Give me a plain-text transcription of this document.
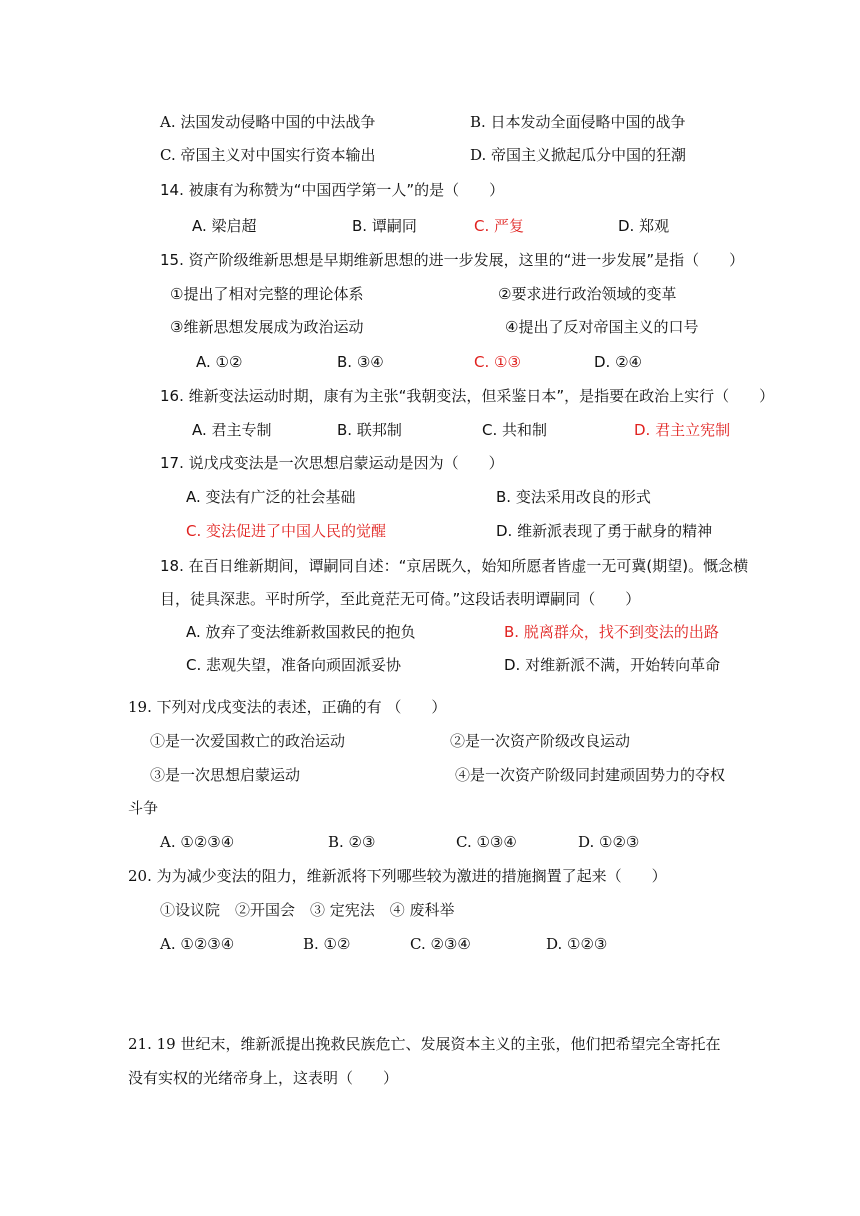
A. 法国发动侵略中国的中法战争	B. 日本发动全面侵略中国的战争
C. 帝国主义对中国实行资本输出	D. 帝国主义掀起瓜分中国的狂潮
14. 被康有为称赞为“中国西学第一人”的是（　　）
A. 梁启超	B. 谭嗣同	C. 严复	D. 郑观
15. 资产阶级维新思想是早期维新思想的进一步发展，这里的“进一步发展”是指（　　）
①提出了相对完整的理论体系	②要求进行政治领域的变革
③维新思想发展成为政治运动	④提出了反对帝国主义的口号
A. ①②	B. ③④	C. ①③	D. ②④
16. 维新变法运动时期，康有为主张“我朝变法，但采鉴日本”，是指要在政治上实行（　　）
A. 君主专制	B. 联邦制	C. 共和制	D. 君主立宪制
17. 说戊戌变法是一次思想启蒙运动是因为（　　）
A. 变法有广泛的社会基础	B. 变法采用改良的形式
C. 变法促进了中国人民的觉醒	D. 维新派表现了勇于献身的精神
18. 在百日维新期间，谭嗣同自述：“京居既久，始知所愿者皆虚一无可冀(期望)。慨念横
目，徒具深悲。平时所学，至此竟茫无可倚。”这段话表明谭嗣同（　　）
A. 放弃了变法维新救国救民的抱负	B. 脱离群众，找不到变法的出路
C. 悲观失望，准备向顽固派妥协	D. 对维新派不满，开始转向革命
19. 下列对戊戌变法的表述，正确的有 （　　）
①是一次爱国救亡的政治运动	②是一次资产阶级改良运动
③是一次思想启蒙运动	④是一次资产阶级同封建顽固势力的夺权
斗争
A. ①②③④	B. ②③	C. ①③④	D. ①②③
20. 为为减少变法的阻力，维新派将下列哪些较为激进的措施搁置了起来（　　）
①设议院　②开国会　③ 定宪法　④ 废科举
A. ①②③④	B. ①②	C. ②③④	D. ①②③
21. 19 世纪末，维新派提出挽救民族危亡、发展资本主义的主张，他们把希望完全寄托在
没有实权的光绪帝身上，这表明（　　）
